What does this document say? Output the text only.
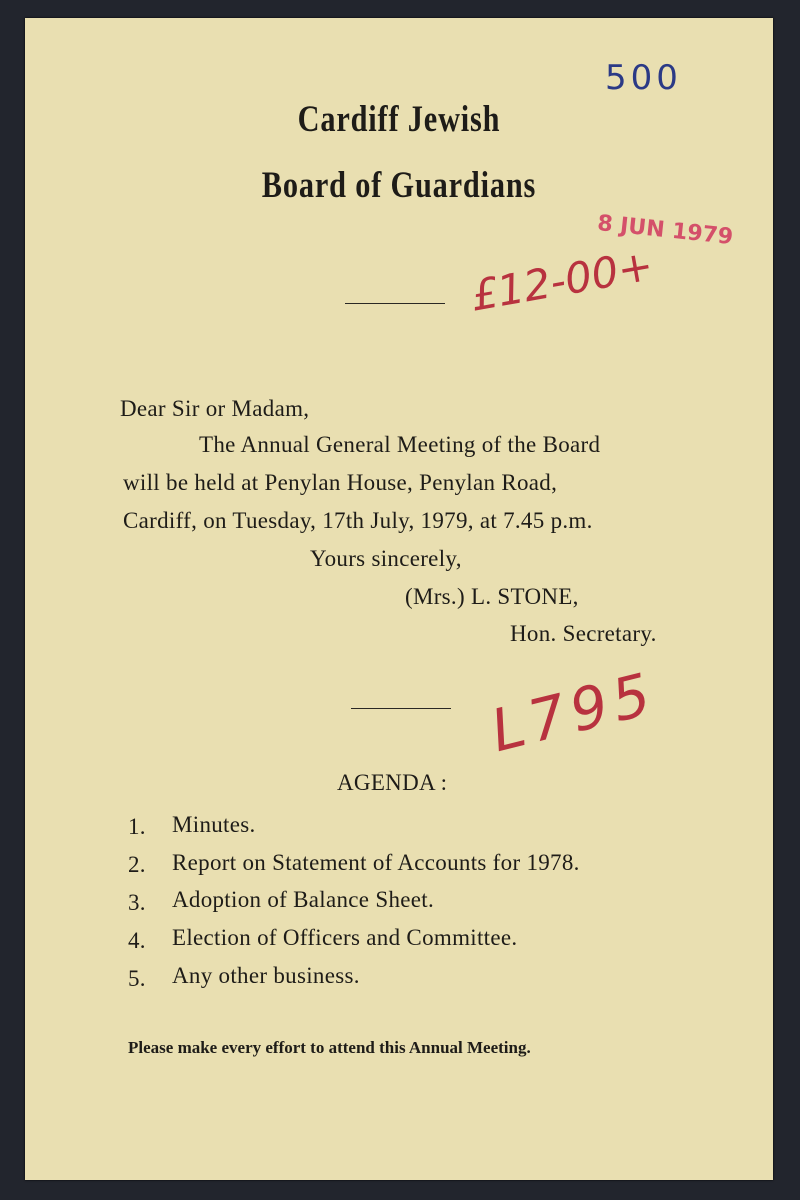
Cardiff Jewish
Board of Guardians
500
8 JUN 1979
£12-00+
Dear Sir or Madam,
The Annual General Meeting of the Board
will be held at Penylan House, Penylan Road,
Cardiff, on Tuesday, 17th July, 1979, at 7.45 p.m.
Yours sincerely,
(Mrs.) L. STONE,
Hon. Secretary.
L795
AGENDA :
1. Minutes.
2. Report on Statement of Accounts for 1978.
3. Adoption of Balance Sheet.
4. Election of Officers and Committee.
5. Any other business.
Please make every effort to attend this Annual Meeting.
